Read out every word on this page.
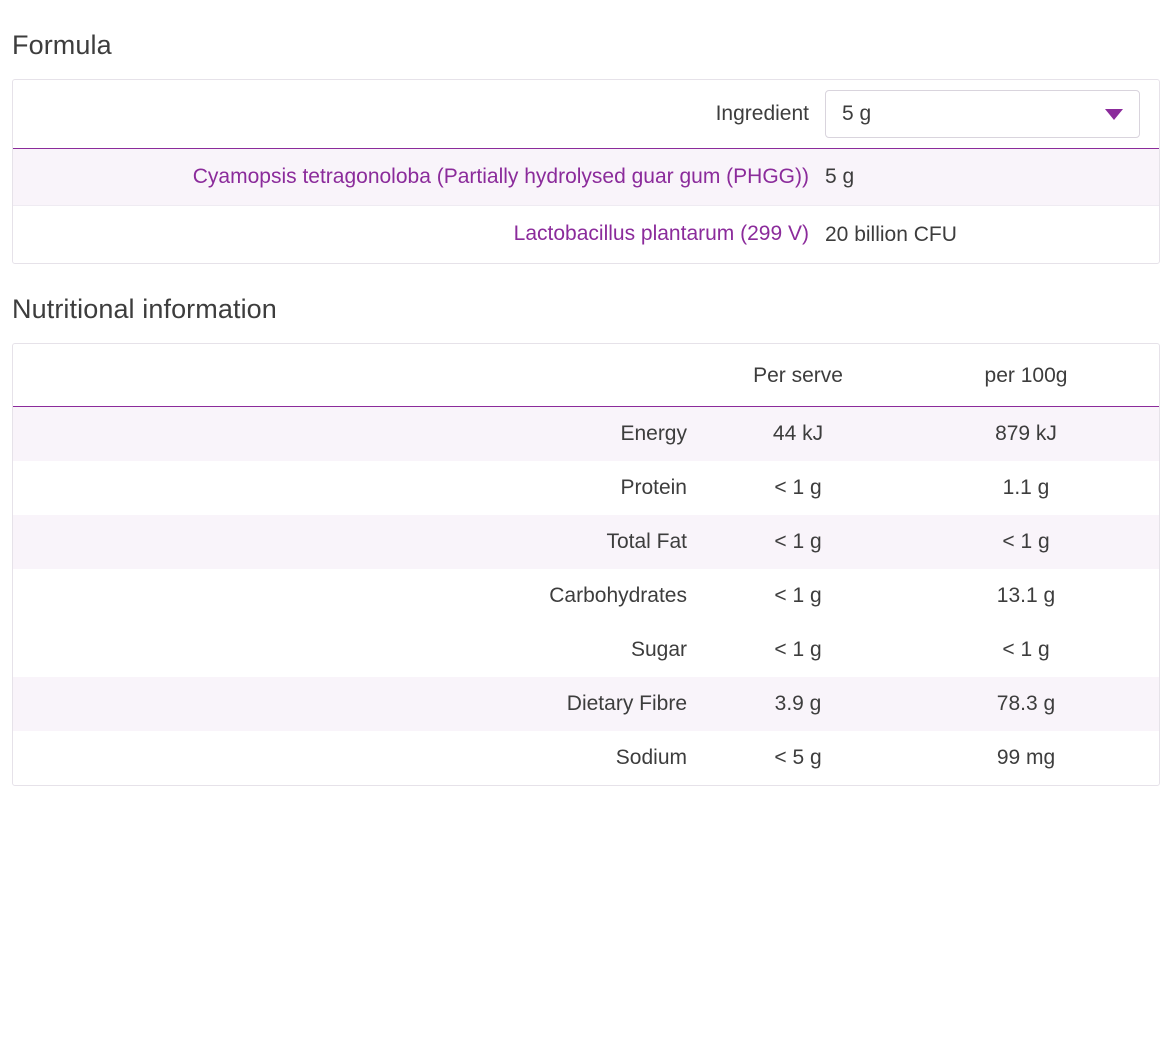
Formula
Ingredient	5 g

Cyamopsis tetragonoloba (Partially hydrolysed guar gum (PHGG))	5 g
Lactobacillus plantarum (299 V)	20 billion CFU
Nutritional information
	Per serve	per 100g
Energy	44 kJ	879 kJ
Protein	< 1 g	1.1 g
Total Fat	< 1 g	< 1 g
Carbohydrates	< 1 g	13.1 g
Sugar	< 1 g	< 1 g
Dietary Fibre	3.9 g	78.3 g
Sodium	< 5 g	99 mg
